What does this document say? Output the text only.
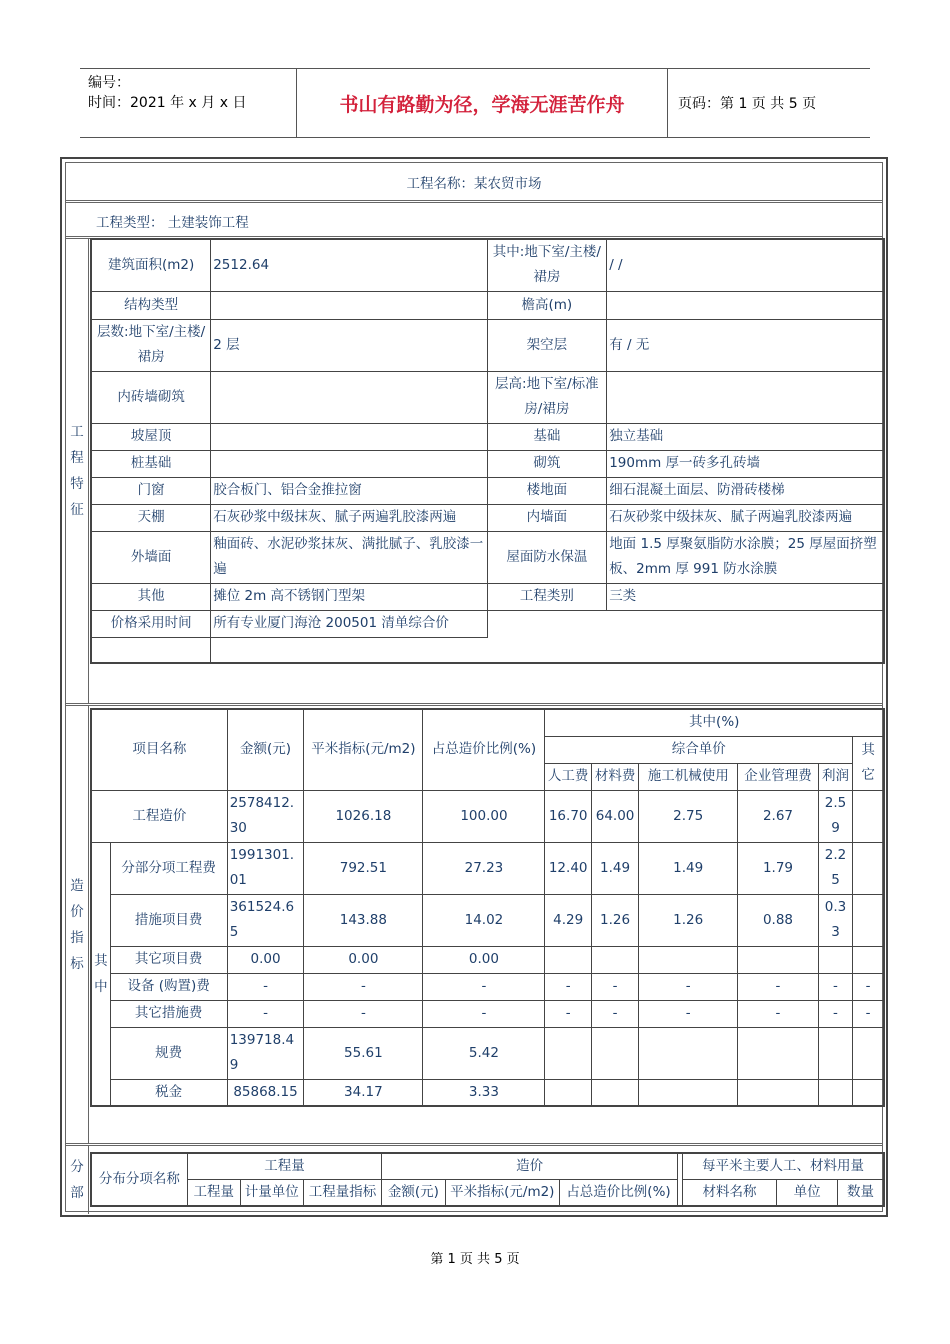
编号：
时间：2021 年 x 月 x 日	书山有路勤为径，学海无涯苦作舟	页码：第 1 页 共 5 页
工程名称：某农贸市场
工程类型： 土建装饰工程
工
程
特
征
造
价
指
标
分
部
建筑面积(m2)	2512.64	其中:地下室/主楼/裙房	/ /
结构类型		檐高(m)	
层数:地下室/主楼/裙房	2 层	架空层	有 / 无
内砖墙砌筑		层高:地下室/标准房/裙房	
坡屋顶		基础	独立基础
桩基础		砌筑	190mm 厚一砖多孔砖墙
门窗	胶合板门、铝合金推拉窗	楼地面	细石混凝土面层、防滑砖楼梯
天棚	石灰砂浆中级抹灰、腻子两遍乳胶漆两遍	内墙面	石灰砂浆中级抹灰、腻子两遍乳胶漆两遍
外墙面	釉面砖、水泥砂浆抹灰、满批腻子、乳胶漆一遍	屋面防水保温	地面 1.5 厚聚氨脂防水涂膜；25 厚屋面挤塑板、2mm 厚 991 防水涂膜
其他	摊位 2m 高不锈钢门型架	工程类别	三类
价格采用时间	所有专业厦门海沧 200501 清单综合价		

项目名称		金额(元)	平米指标(元/m2)	占总造价比例(%)	其中(%)					
					综合单价					其它
					人工费	材料费	施工机械使用	企业管理费	利润	
工程造价		2578412.30	1026.18	100.00	16.70	64.00	2.75	2.67	2.59	

其
中	分部分项工程费	1991301.01	792.51	27.23	12.40	1.49	1.49	1.79	2.25	
	措施项目费	361524.65	143.88	14.02	4.29	1.26	1.26	0.88	0.33	
	其它项目费	0.00	0.00	0.00						
	设备 (购置)费	-	-	-	-	-	-	-	-	-
	其它措施费	-	-	-	-	-	-	-	-	-
	规费	139718.49	55.61	5.42						
	税金	85868.15	34.17	3.33						
分布分项名称	工程量			造价				每平米主要人工、材料用量		
	工程量	计量单位	工程量指标	金额(元)	平米指标(元/m2)	占总造价比例(%)		材料名称	单位	数量
第 1 页 共 5 页
